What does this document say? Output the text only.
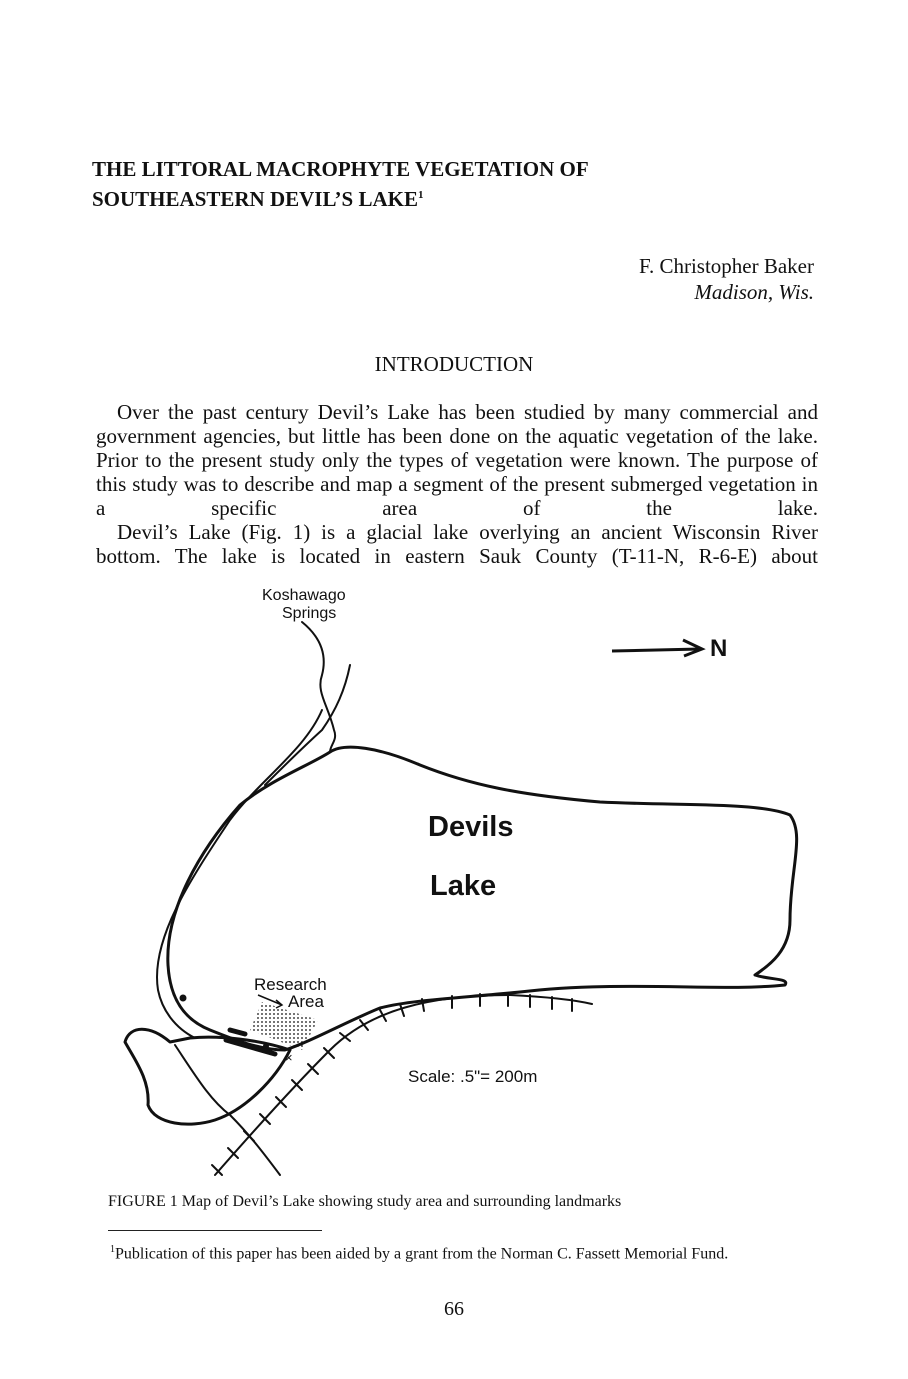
THE LITTORAL MACROPHYTE VEGETATION OF
SOUTHEASTERN DEVIL’S LAKE$^1$
F. Christopher Baker
Madison, Wis.
INTRODUCTION

Over the past century Devil’s Lake has been studied by many commercial and government agencies, but little has been done on the aquatic vegetation of the lake. Prior to the present study only the types of vegetation were known. The purpose of this study was to describe and map a segment of the present submerged vegetation in a specific area of the lake.

Devil’s Lake (Fig. 1) is a glacial lake overlying an ancient Wisconsin River bottom. The lake is located in eastern Sauk County (T-11-N, R-6-E) about

×
N
Koshawago
Springs
Devils
Lake
Research
Area
Scale: .5"= 200m

FIGURE 1 Map of Devil’s Lake showing study area and surrounding landmarks

$^1$Publication of this paper has been aided by a grant from the Norman C. Fassett Memorial Fund.

66
